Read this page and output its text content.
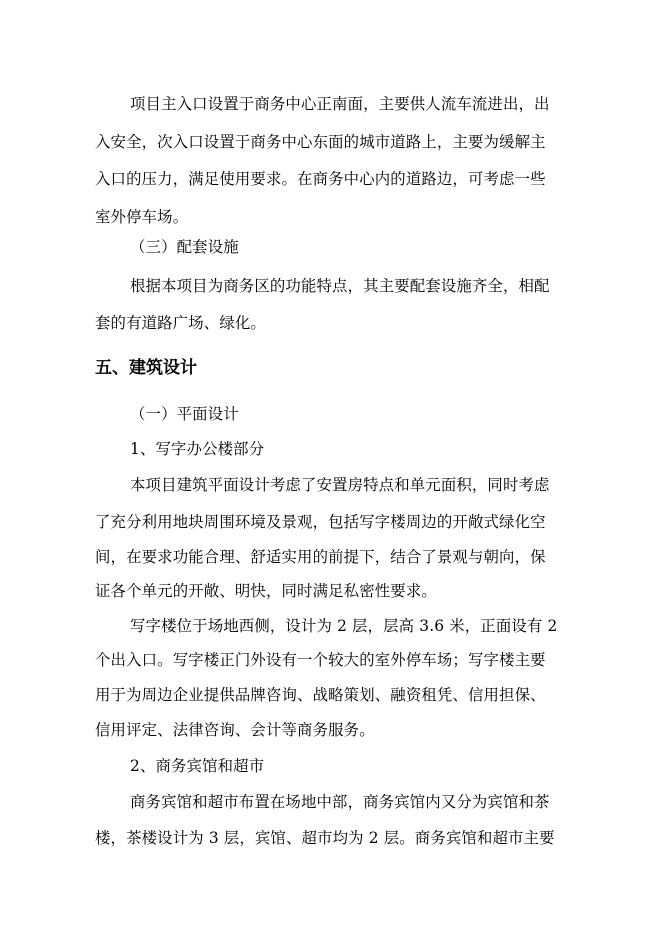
项目主入口设置于商务中心正南面，主要供人流车流进出，出
入安全，次入口设置于商务中心东面的城市道路上，主要为缓解主
入口的压力，满足使用要求。在商务中心内的道路边，可考虑一些
室外停车场。
（三）配套设施
根据本项目为商务区的功能特点，其主要配套设施齐全，相配
套的有道路广场、绿化。
五、建筑设计
（一）平面设计
1、写字办公楼部分
本项目建筑平面设计考虑了安置房特点和单元面积，同时考虑
了充分利用地块周围环境及景观，包括写字楼周边的开敞式绿化空
间，在要求功能合理、舒适实用的前提下，结合了景观与朝向，保
证各个单元的开敞、明快，同时满足私密性要求。
写字楼位于场地西侧，设计为 2 层，层高 3.6 米，正面设有 2
个出入口。写字楼正门外设有一个较大的室外停车场；写字楼主要
用于为周边企业提供品牌咨询、战略策划、融资租凭、信用担保、
信用评定、法律咨询、会计等商务服务。
2、商务宾馆和超市
商务宾馆和超市布置在场地中部，商务宾馆内又分为宾馆和茶
楼，茶楼设计为 3 层，宾馆、超市均为 2 层。商务宾馆和超市主要
